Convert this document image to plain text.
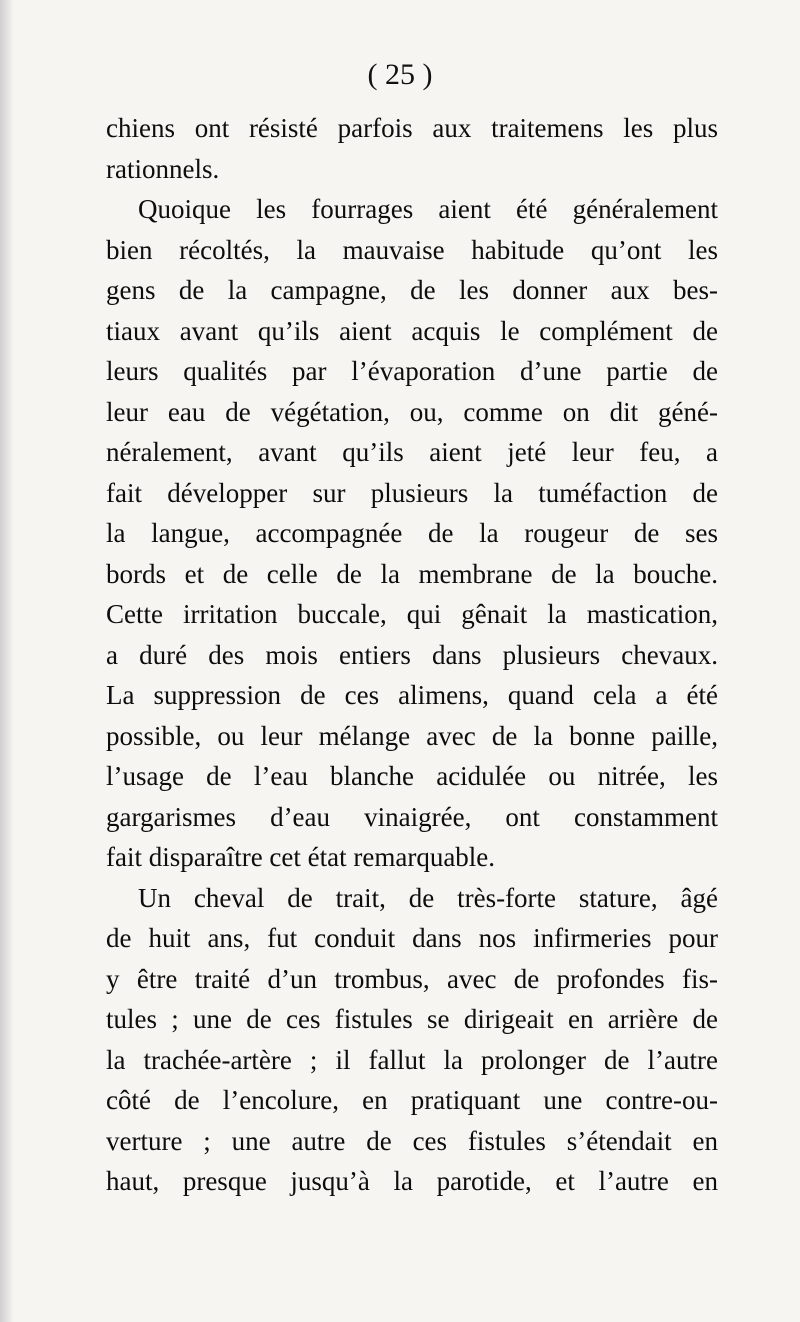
( 25 )
chiens ont résisté parfois aux traitemens les plus
rationnels.
Quoique les fourrages aient été généralement
bien récoltés, la mauvaise habitude qu’ont les
gens de la campagne, de les donner aux bes-
tiaux avant qu’ils aient acquis le complément de
leurs qualités par l’évaporation d’une partie de
leur eau de végétation, ou, comme on dit géné-
néralement, avant qu’ils aient jeté leur feu, a
fait développer sur plusieurs la tuméfaction de
la langue, accompagnée de la rougeur de ses
bords et de celle de la membrane de la bouche.
Cette irritation buccale, qui gênait la mastication,
a duré des mois entiers dans plusieurs chevaux.
La suppression de ces alimens, quand cela a été
possible, ou leur mélange avec de la bonne paille,
l’usage de l’eau blanche acidulée ou nitrée, les
gargarismes d’eau vinaigrée, ont constamment
fait disparaître cet état remarquable.
Un cheval de trait, de très-forte stature, âgé
de huit ans, fut conduit dans nos infirmeries pour
y être traité d’un trombus, avec de profondes fis-
tules ; une de ces fistules se dirigeait en arrière de
la trachée-artère ; il fallut la prolonger de l’autre
côté de l’encolure, en pratiquant une contre-ou-
verture ; une autre de ces fistules s’étendait en
haut, presque jusqu’à la parotide, et l’autre en
